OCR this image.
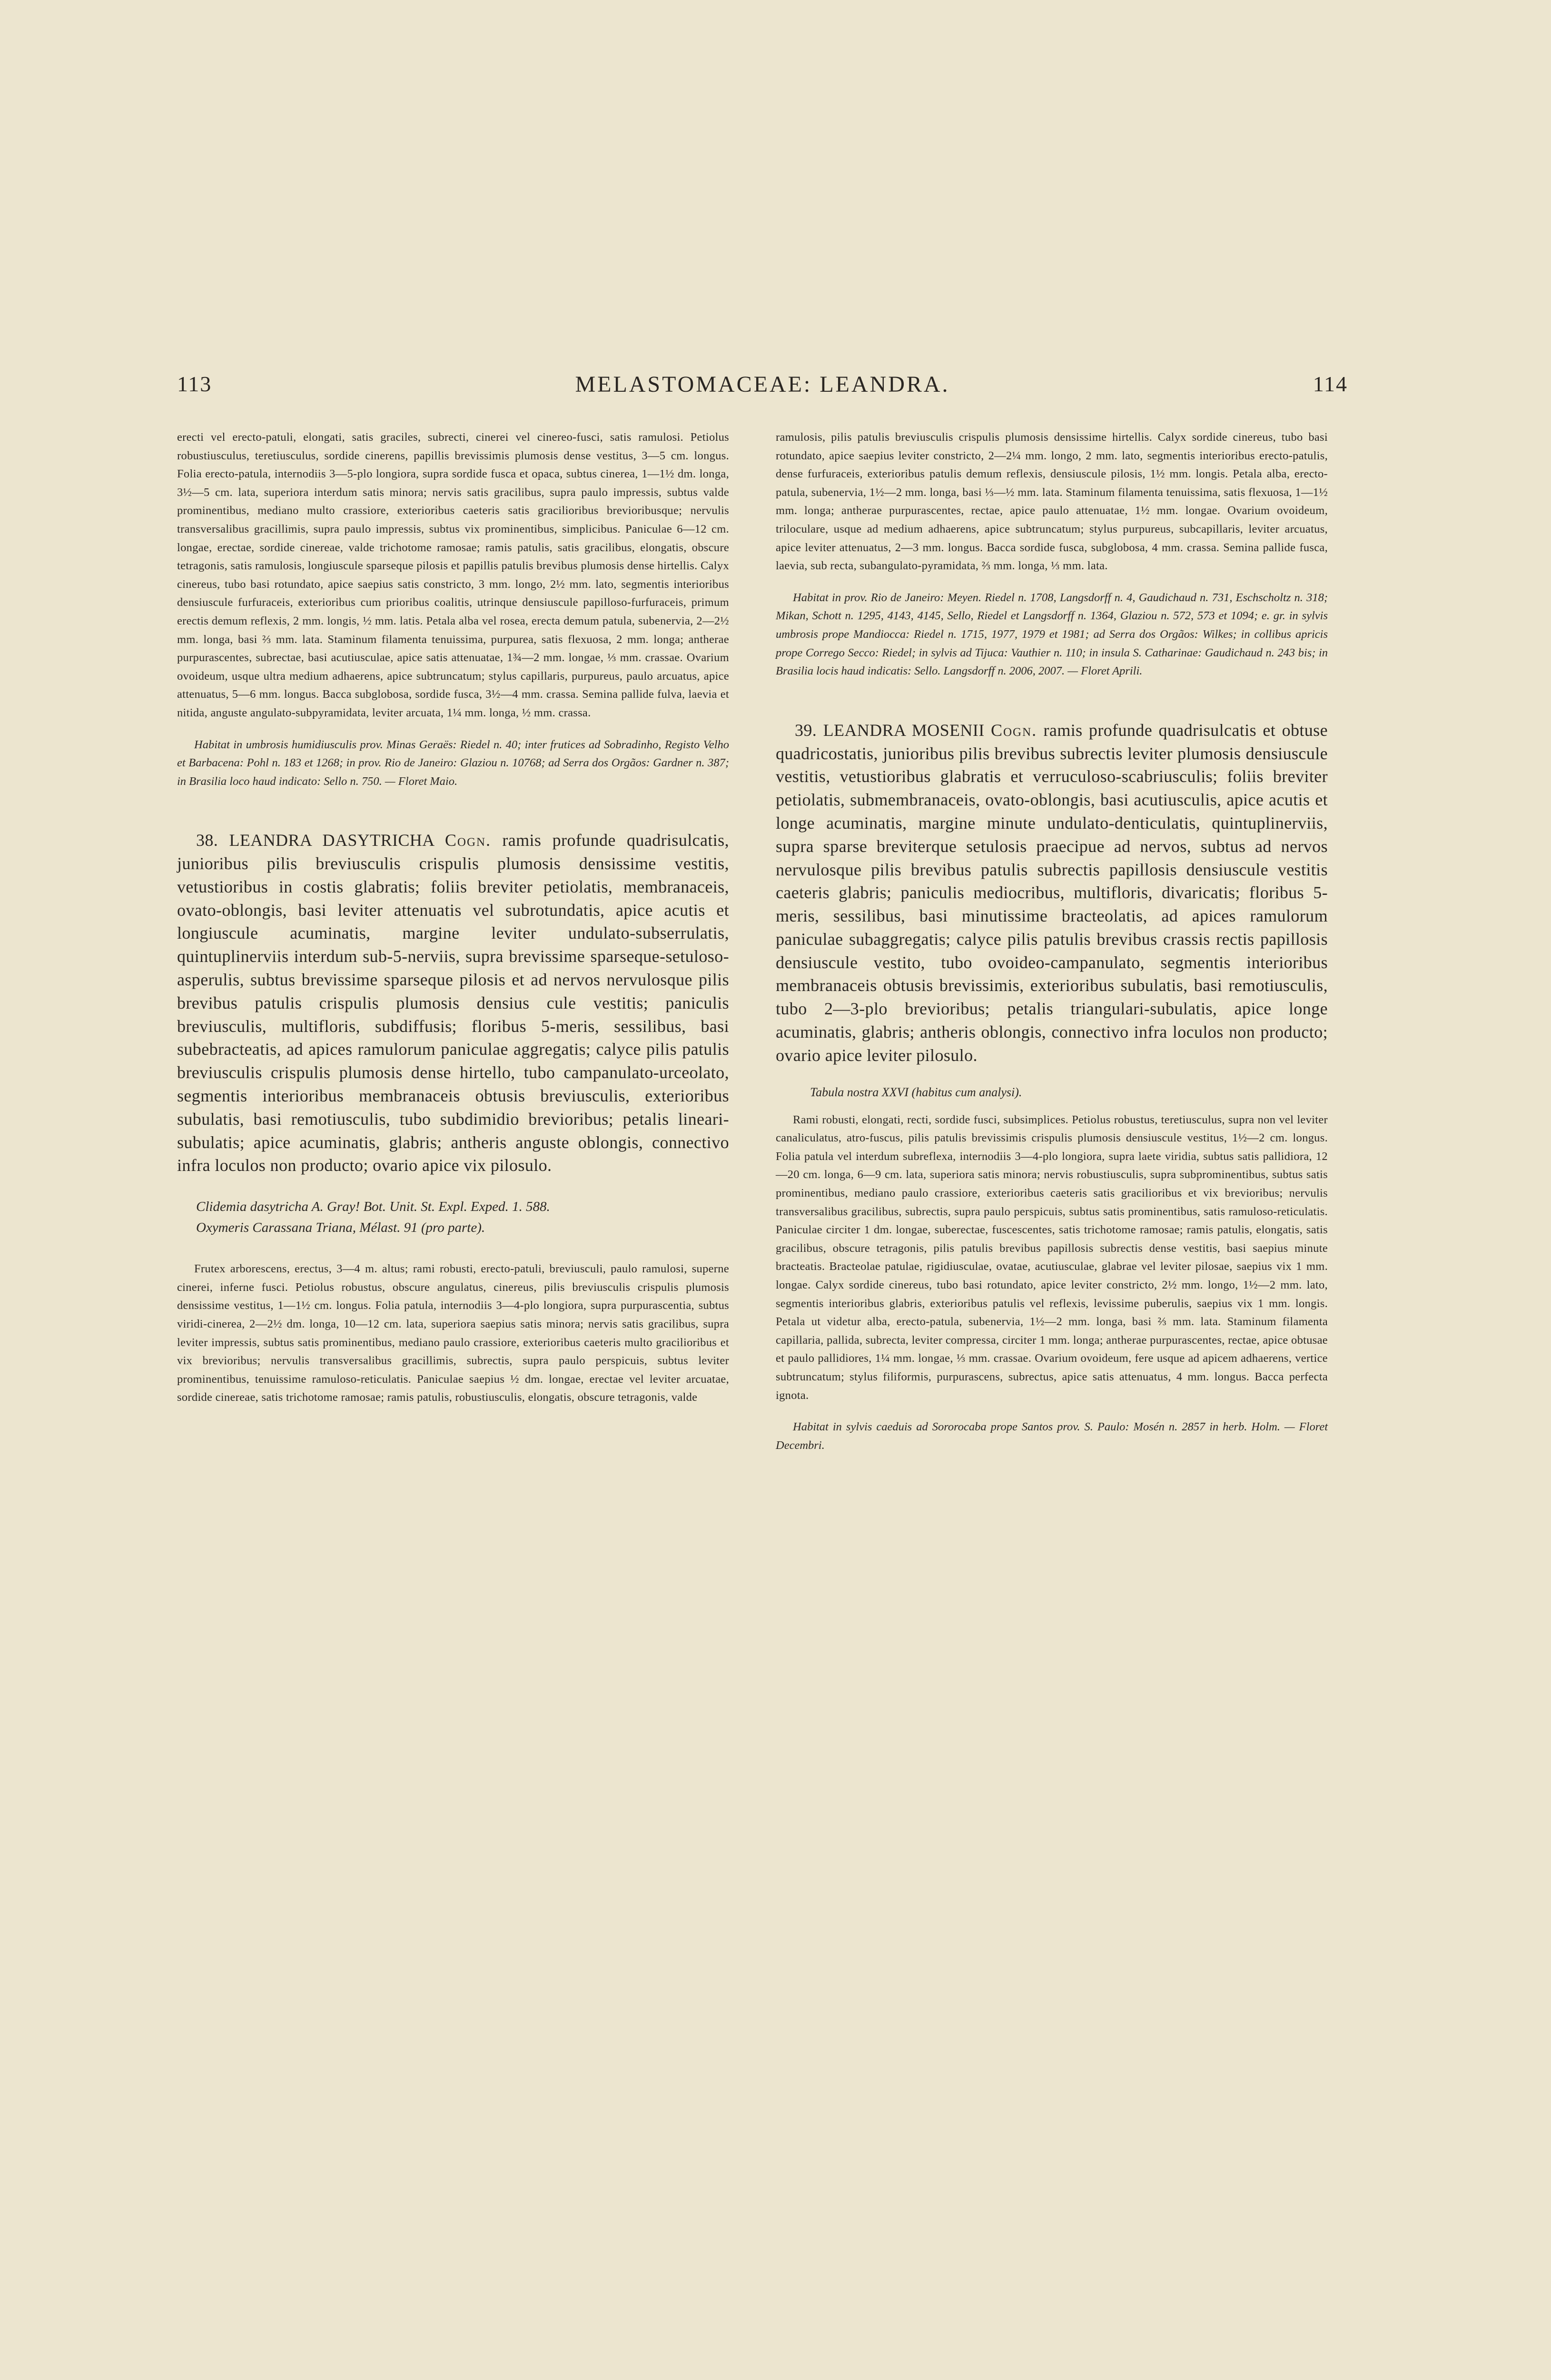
113	MELASTOMACEAE: LEANDRA.	114

erecti vel erecto-patuli, elongati, satis graciles, subrecti, cinerei vel cinereo-fusci, satis ramulosi. Petiolus robustiusculus, teretiusculus, sordide cinerens, papillis brevissimis plumosis dense vestitus, 3—5 cm. longus. Folia erecto-patula, internodiis 3—5-plo longiora, supra sordide fusca et opaca, subtus cinerea, 1—1½ dm. longa, 3½—5 cm. lata, superiora interdum satis minora; nervis satis gracilibus, supra paulo impressis, subtus valde prominentibus, mediano multo crassiore, exterioribus caeteris satis gracilioribus brevioribusque; nervulis transversalibus gracillimis, supra paulo impressis, subtus vix prominentibus, simplicibus. Paniculae 6—12 cm. longae, erectae, sordide cinereae, valde trichotome ramosae; ramis patulis, satis gracilibus, elongatis, obscure tetragonis, satis ramulosis, longiuscule sparseque pilosis et papillis patulis brevibus plumosis dense hirtellis. Calyx cinereus, tubo basi rotundato, apice saepius satis constricto, 3 mm. longo, 2½ mm. lato, segmentis interioribus densiuscule furfuraceis, exterioribus cum prioribus coalitis, utrinque densiuscule papilloso-furfuraceis, primum erectis demum reflexis, 2 mm. longis, ½ mm. latis. Petala alba vel rosea, erecta demum patula, subenervia, 2—2½ mm. longa, basi ⅔ mm. lata. Staminum filamenta tenuissima, purpurea, satis flexuosa, 2 mm. longa; antherae purpurascentes, subrectae, basi acutiusculae, apice satis attenuatae, 1¾—2 mm. longae, ⅓ mm. crassae. Ovarium ovoideum, usque ultra medium adhaerens, apice subtruncatum; stylus capillaris, purpureus, paulo arcuatus, apice attenuatus, 5—6 mm. longus. Bacca subglobosa, sordide fusca, 3½—4 mm. crassa. Semina pallide fulva, laevia et nitida, anguste angulato-subpyramidata, leviter arcuata, 1¼ mm. longa, ½ mm. crassa.

Habitat in umbrosis humidiusculis prov. Minas Geraës: Riedel n. 40; inter frutices ad Sobradinho, Registo Velho et Barbacena: Pohl n. 183 et 1268; in prov. Rio de Janeiro: Glaziou n. 10768; ad Serra dos Orgãos: Gardner n. 387; in Brasilia loco haud indicato: Sello n. 750. — Floret Maio.

38. LEANDRA DASYTRICHA Cogn. ramis profunde quadrisulcatis, junioribus pilis breviusculis crispulis plumosis densissime vestitis, vetustioribus in costis glabratis; foliis breviter petiolatis, membranaceis, ovato-oblongis, basi leviter attenuatis vel subrotundatis, apice acutis et longiuscule acuminatis, margine leviter undulato-subserrulatis, quintuplinerviis interdum sub-5-nerviis, supra brevissime sparseque-setuloso-asperulis, subtus brevissime sparseque pilosis et ad nervos nervulosque pilis brevibus patulis crispulis plumosis densius cule vestitis; paniculis breviusculis, multifloris, subdiffusis; floribus 5-meris, sessilibus, basi subebracteatis, ad apices ramulorum paniculae aggregatis; calyce pilis patulis breviusculis crispulis plumosis dense hirtello, tubo campanulato-urceolato, segmentis interioribus membranaceis obtusis breviusculis, exterioribus subulatis, basi remotiusculis, tubo subdimidio brevioribus; petalis lineari-subulatis; apice acuminatis, glabris; antheris anguste oblongis, connectivo infra loculos non producto; ovario apice vix pilosulo.

Clidemia dasytricha A. Gray! Bot. Unit. St. Expl. Exped. 1. 588.

Oxymeris Carassana Triana, Mélast. 91 (pro parte).

Frutex arborescens, erectus, 3—4 m. altus; rami robusti, erecto-patuli, breviusculi, paulo ramulosi, superne cinerei, inferne fusci. Petiolus robustus, obscure angulatus, cinereus, pilis breviusculis crispulis plumosis densissime vestitus, 1—1½ cm. longus. Folia patula, internodiis 3—4-plo longiora, supra purpurascentia, subtus viridi-cinerea, 2—2½ dm. longa, 10—12 cm. lata, superiora saepius satis minora; nervis satis gracilibus, supra leviter impressis, subtus satis prominentibus, mediano paulo crassiore, exterioribus caeteris multo gracilioribus et vix brevioribus; nervulis transversalibus gracillimis, subrectis, supra paulo perspicuis, subtus leviter prominentibus, tenuissime ramuloso-reticulatis. Paniculae saepius ½ dm. longae, erectae vel leviter arcuatae, sordide cinereae, satis trichotome ramosae; ramis patulis, robustiusculis, elongatis, obscure tetragonis, valde

ramulosis, pilis patulis breviusculis crispulis plumosis densissime hirtellis. Calyx sordide cinereus, tubo basi rotundato, apice saepius leviter constricto, 2—2¼ mm. longo, 2 mm. lato, segmentis interioribus erecto-patulis, dense furfuraceis, exterioribus patulis demum reflexis, densiuscule pilosis, 1½ mm. longis. Petala alba, erecto-patula, subenervia, 1½—2 mm. longa, basi ⅓—½ mm. lata. Staminum filamenta tenuissima, satis flexuosa, 1—1½ mm. longa; antherae purpurascentes, rectae, apice paulo attenuatae, 1½ mm. longae. Ovarium ovoideum, triloculare, usque ad medium adhaerens, apice subtruncatum; stylus purpureus, subcapillaris, leviter arcuatus, apice leviter attenuatus, 2—3 mm. longus. Bacca sordide fusca, subglobosa, 4 mm. crassa. Semina pallide fusca, laevia, sub recta, subangulato-pyramidata, ⅔ mm. longa, ⅓ mm. lata.

Habitat in prov. Rio de Janeiro: Meyen. Riedel n. 1708, Langsdorff n. 4, Gaudichaud n. 731, Eschscholtz n. 318; Mikan, Schott n. 1295, 4143, 4145, Sello, Riedel et Langsdorff n. 1364, Glaziou n. 572, 573 et 1094; e. gr. in sylvis umbrosis prope Mandiocca: Riedel n. 1715, 1977, 1979 et 1981; ad Serra dos Orgãos: Wilkes; in collibus apricis prope Corrego Secco: Riedel; in sylvis ad Tijuca: Vauthier n. 110; in insula S. Catharinae: Gaudichaud n. 243 bis; in Brasilia locis haud indicatis: Sello. Langsdorff n. 2006, 2007. — Floret Aprili.

39. LEANDRA MOSENII Cogn. ramis profunde quadrisulcatis et obtuse quadricostatis, junioribus pilis brevibus subrectis leviter plumosis densiuscule vestitis, vetustioribus glabratis et verruculoso-scabriusculis; foliis breviter petiolatis, submembranaceis, ovato-oblongis, basi acutiusculis, apice acutis et longe acuminatis, margine minute undulato-denticulatis, quintuplinerviis, supra sparse breviterque setulosis praecipue ad nervos, subtus ad nervos nervulosque pilis brevibus patulis subrectis papillosis densiuscule vestitis caeteris glabris; paniculis mediocribus, multifloris, divaricatis; floribus 5-meris, sessilibus, basi minutissime bracteolatis, ad apices ramulorum paniculae subaggregatis; calyce pilis patulis brevibus crassis rectis papillosis densiuscule vestito, tubo ovoideo-campanulato, segmentis interioribus membranaceis obtusis brevissimis, exterioribus subulatis, basi remotiusculis, tubo 2—3-plo brevioribus; petalis triangulari-subulatis, apice longe acuminatis, glabris; antheris oblongis, connectivo infra loculos non producto; ovario apice leviter pilosulo.

Tabula nostra XXVI (habitus cum analysi).

Rami robusti, elongati, recti, sordide fusci, subsimplices. Petiolus robustus, teretiusculus, supra non vel leviter canaliculatus, atro-fuscus, pilis patulis brevissimis crispulis plumosis densiuscule vestitus, 1½—2 cm. longus. Folia patula vel interdum subreflexa, internodiis 3—4-plo longiora, supra laete viridia, subtus satis pallidiora, 12—20 cm. longa, 6—9 cm. lata, superiora satis minora; nervis robustiusculis, supra subprominentibus, subtus satis prominentibus, mediano paulo crassiore, exterioribus caeteris satis gracilioribus et vix brevioribus; nervulis transversalibus gracilibus, subrectis, supra paulo perspicuis, subtus satis prominentibus, satis ramuloso-reticulatis. Paniculae circiter 1 dm. longae, suberectae, fuscescentes, satis trichotome ramosae; ramis patulis, elongatis, satis gracilibus, obscure tetragonis, pilis patulis brevibus papillosis subrectis dense vestitis, basi saepius minute bracteatis. Bracteolae patulae, rigidiusculae, ovatae, acutiusculae, glabrae vel leviter pilosae, saepius vix 1 mm. longae. Calyx sordide cinereus, tubo basi rotundato, apice leviter constricto, 2½ mm. longo, 1½—2 mm. lato, segmentis interioribus glabris, exterioribus patulis vel reflexis, levissime puberulis, saepius vix 1 mm. longis. Petala ut videtur alba, erecto-patula, subenervia, 1½—2 mm. longa, basi ⅔ mm. lata. Staminum filamenta capillaria, pallida, subrecta, leviter compressa, circiter 1 mm. longa; antherae purpurascentes, rectae, apice obtusae et paulo pallidiores, 1¼ mm. longae, ⅓ mm. crassae. Ovarium ovoideum, fere usque ad apicem adhaerens, vertice subtruncatum; stylus filiformis, purpurascens, subrectus, apice satis attenuatus, 4 mm. longus. Bacca perfecta ignota.

Habitat in sylvis caeduis ad Sororocaba prope Santos prov. S. Paulo: Mosén n. 2857 in herb. Holm. — Floret Decembri.
